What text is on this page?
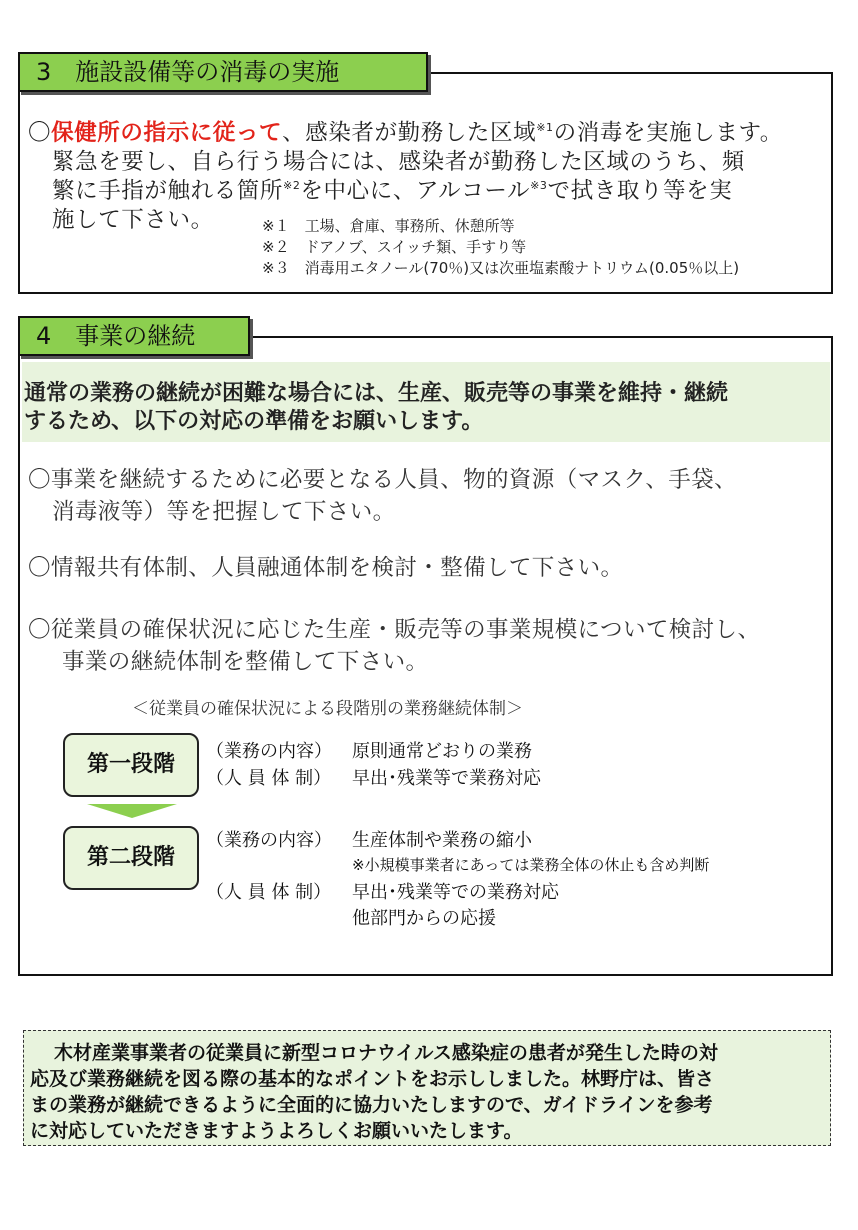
3　施設設備等の消毒の実施
〇保健所の指示に従って、感染者が勤務した区域$^{※1}$の消毒を実施します。
緊急を要し、自ら行う場合には、感染者が勤務した区域のうち、頻
繁に手指が触れる箇所$^{※2}$を中心に、アルコール$^{※3}$で拭き取り等を実
施して下さい。	※１　工場、倉庫、事務所、休憩所等
※２　ドアノブ、スイッチ類、手すり等
※３　消毒用エタノール(70％)又は次亜塩素酸ナトリウム(0.05％以上)
4　事業の継続
通常の業務の継続が困難な場合には、生産、販売等の事業を維持・継続
するため、以下の対応の準備をお願いします。
〇事業を継続するために必要となる人員、物的資源（マスク、手袋、
消毒液等）等を把握して下さい。
〇情報共有体制、人員融通体制を検討・整備して下さい。
〇従業員の確保状況に応じた生産・販売等の事業規模について検討し、
事業の継続体制を整備して下さい。
＜従業員の確保状況による段階別の業務継続体制＞
第一段階
（業務の内容） 原則通常どおりの業務
（人 員 体 制） 早出･残業等で業務対応
第二段階
（業務の内容） 生産体制や業務の縮小
※小規模事業者にあっては業務全体の休止も含め判断
（人 員 体 制） 早出･残業等での業務対応
他部門からの応援
木材産業事業者の従業員に新型コロナウイルス感染症の患者が発生した時の対
応及び業務継続を図る際の基本的なポイントをお示ししました。林野庁は、皆さ
まの業務が継続できるように全面的に協力いたしますので、ガイドラインを参考
に対応していただきますようよろしくお願いいたします。
